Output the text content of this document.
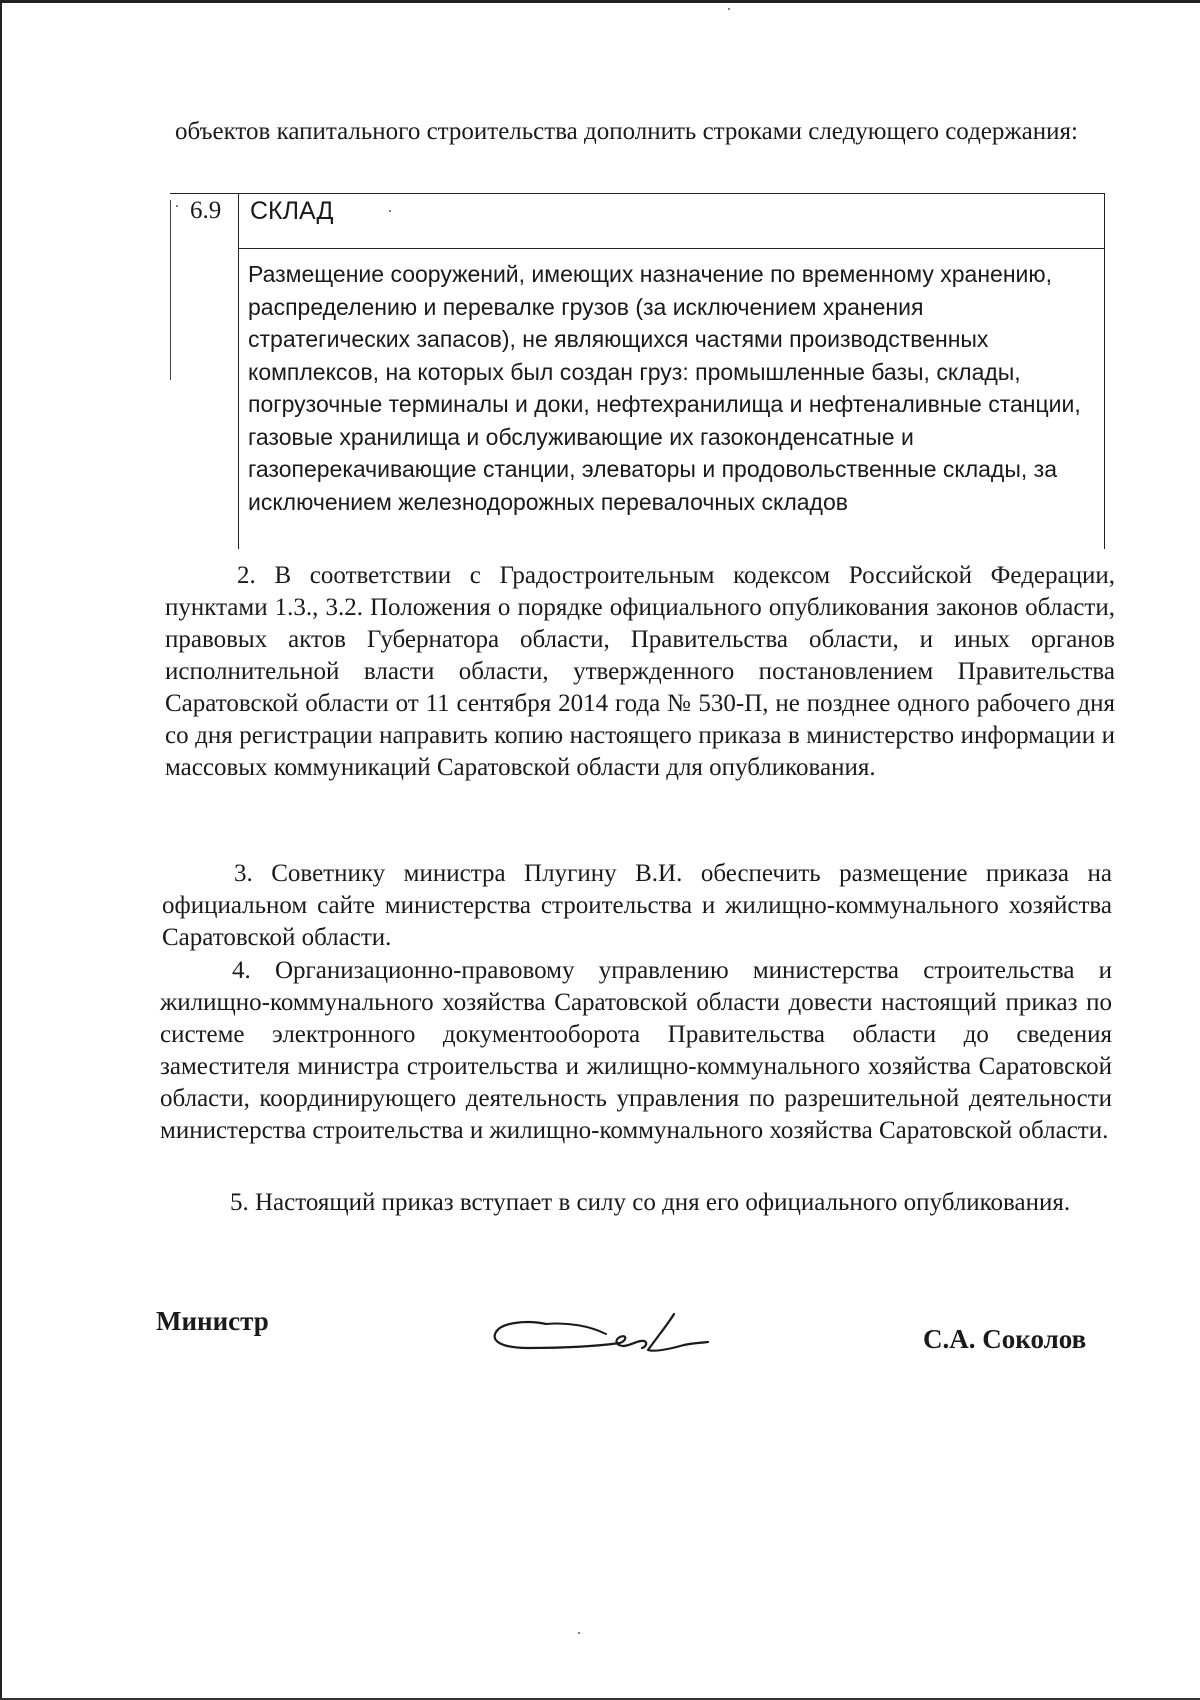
объектов капитального строительства дополнить строками следующего содержания:
6.9 СКЛАД
Размещение сооружений, имеющих назначение по временному хранению, распределению и перевалке грузов (за исключением хранения стратегических запасов), не являющихся частями производственных комплексов, на которых был создан груз: промышленные базы, склады, погрузочные терминалы и доки, нефтехранилища и нефтеналивные станции, газовые хранилища и обслуживающие их газоконденсатные и газоперекачивающие станции, элеваторы и продовольственные склады, за исключением железнодорожных перевалочных складов
2. В соответствии с Градостроительным кодексом Российской Федерации, пунктами 1.3., 3.2. Положения о порядке официального опубликования законов области, правовых актов Губернатора области, Правительства области, и иных органов исполнительной власти области, утвержденного постановлением Правительства Саратовской области от 11 сентября 2014 года № 530-П, не позднее одного рабочего дня со дня регистрации направить копию настоящего приказа в министерство информации и массовых коммуникаций Саратовской области для опубликования.
3. Советнику министра Плугину В.И. обеспечить размещение приказа на официальном сайте министерства строительства и жилищно-коммунального хозяйства Саратовской области.
4. Организационно-правовому управлению министерства строительства и жилищно-коммунального хозяйства Саратовской области довести настоящий приказ по системе электронного документооборота Правительства области до сведения заместителя министра строительства и жилищно-коммунального хозяйства Саратовской области, координирующего деятельность управления по разрешительной деятельности министерства строительства и жилищно-коммунального хозяйства Саратовской области.
5. Настоящий приказ вступает в силу со дня его официального опубликования.
Министр
С.А. Соколов
